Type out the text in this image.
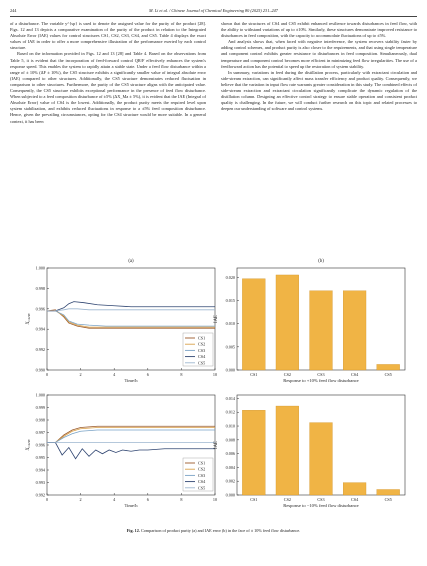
244	M. Li et al. / Chinese Journal of Chemical Engineering 80 (2025) 231–247

of a disturbance. The variable y^{sp} is used to denote the assigned value for the purity of the product [28]. Figs. 12 and 13 depicts a comparative examination of the purity of the product in relation to the Integrated Absolute Error (IAE) values for control structures CS1, CS2, CS3, CS4, and CS5. Table 4 displays the exact values of IAE in order to offer a more comprehensive illustration of the performance exerted by each control structure.

Based on the information provided in Figs. 12 and 13 [28] and Table 4. Based on the observations from Table 5, it is evident that the incorporation of feed-forward control QR/F effectively enhances the system's response speed. This enables the system to rapidly attain a stable state. Under a feed flow disturbance within a range of ± 10% (ΔF ± 10%), the CS5 structure exhibits a significantly smaller value of integral absolute error (IAE) compared to other structures. Additionally, the CS5 structure demonstrates reduced fluctuation in comparison to other structures. Furthermore, the purity of the CS5 structure aligns with the anticipated value. Consequently, the CS5 structure exhibits exceptional performance in the presence of feed flow disturbance. When subjected to a feed composition disturbance of ±5% (ΔX_Ma ± 5%), it is evident that the IAE (Integral of Absolute Error) value of CS4 is the lowest. Additionally, the product purity meets the required level upon system stabilization, and exhibits reduced fluctuations in response to a ±5% feed composition disturbance. Hence, given the prevailing circumstances, opting for the CS4 structure would be more suitable. In a general context, it has been

shown that the structures of CS4 and CS5 exhibit enhanced resilience towards disturbances in feed flow, with the ability to withstand variations of up to ±10%. Similarly, these structures demonstrate improved resistance to disturbances in feed composition, with the capacity to accommodate fluctuations of up to ±5%.

And analysis shows that, when faced with negative interference, the system recovers stability faster by adding control schemes, and product purity is also closer to the requirements, and that using single temperature and component control exhibits greater resistance to disturbances in feed composition. Simultaneously, dual temperature and component control becomes more efficient in minimizing feed flow irregularities. The use of a feedforward action has the potential to speed up the restoration of system stability.

In summary, variations in feed during the distillation process, particularly with extractant circulation and side-stream extraction, can significantly affect mass transfer efficiency and product quality. Consequently, we believe that the variation in input flow rate warrants greater consideration in this study. The combined effects of side-stream extraction and extractant circulation significantly complicate the dynamic regulation of the distillation column. Designing an effective control strategy to ensure stable operation and consistent product quality is challenging. In the future, we will conduct further research on this topic and related processes to deepen our understanding of software and control systems.

0.990
0.992
0.994
0.996
0.998
1.000
0	2	4	6	8	10
CS1
CS2
CS3
CS4
CS5
Time/h
$X_{C4H8}$
(a)
0.000
0.005
0.010
0.015
0.020
CS1	CS2	CS3	CS4	CS5
Response to +10% feed flow disturbance
IAE
(b)
0.992
0.993
0.994
0.995
0.996
0.997
0.998
0.999
1.000
0	2	4	6	8	10
CS1
CS2
CS3
CS4
CS5
Time/h
$X_{C4H8}$
0.000
0.002
0.004
0.006
0.008
0.010
0.012
0.014
CS1	CS2	CS3	CS4	CS5
Response to −10% feed flow disturbance
IAE
Fig. 12. Comparison of product purity (a) and IAE error (b) in the face of ± 10% feed flow disturbance.
